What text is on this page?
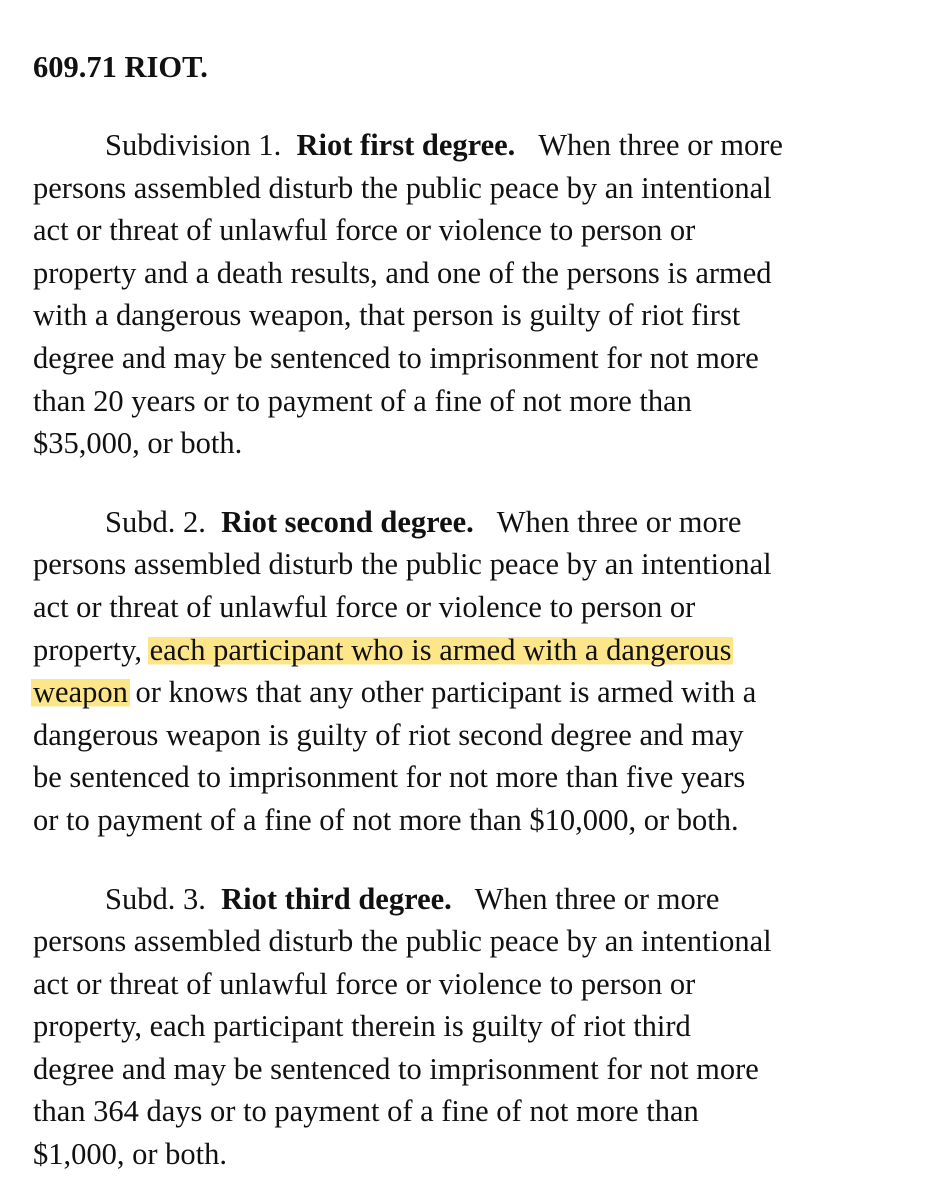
609.71 RIOT.
Subdivision 1. Riot first degree. When three or more
persons assembled disturb the public peace by an intentional
act or threat of unlawful force or violence to person or
property and a death results, and one of the persons is armed
with a dangerous weapon, that person is guilty of riot first
degree and may be sentenced to imprisonment for not more
than 20 years or to payment of a fine of not more than
$35,000, or both.
Subd. 2. Riot second degree. When three or more
persons assembled disturb the public peace by an intentional
act or threat of unlawful force or violence to person or
property, each participant who is armed with a dangerous
weapon or knows that any other participant is armed with a
dangerous weapon is guilty of riot second degree and may
be sentenced to imprisonment for not more than five years
or to payment of a fine of not more than $10,000, or both.
Subd. 3. Riot third degree. When three or more
persons assembled disturb the public peace by an intentional
act or threat of unlawful force or violence to person or
property, each participant therein is guilty of riot third
degree and may be sentenced to imprisonment for not more
than 364 days or to payment of a fine of not more than
$1,000, or both.
